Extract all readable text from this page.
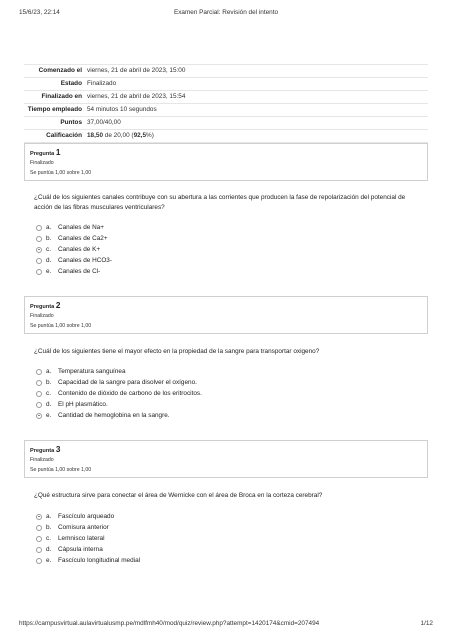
15/6/23, 22:14	Examen Parcial: Revisión del intento
Comenzado el viernes, 21 de abril de 2023, 15:00
Estado Finalizado
Finalizado en viernes, 21 de abril de 2023, 15:54
Tiempo empleado 54 minutos 10 segundos
Puntos 37,00/40,00
Calificación 18,50 de 20,00 (92,5%)
Pregunta 1
Finalizado
Se puntúa 1,00 sobre 1,00
¿Cuál de los siguientes canales contribuye con su abertura a las corrientes que producen la fase de repolarización del potencial de acción de las fibras musculares ventriculares?
a.	Canales de Na+
b.	Canales de Ca2+
c.	Canales de K+
d.	Canales de HCO3-
e.	Canales de Cl-
Pregunta 2
Finalizado
Se puntúa 1,00 sobre 1,00
¿Cuál de los siguientes tiene el mayor efecto en la propiedad de la sangre para transportar oxigeno?
a.	Temperatura sanguínea
b.	Capacidad de la sangre para disolver el oxígeno.
c.	Contenido de dióxido de carbono de los eritrocitos.
d.	El pH plasmático.
e.	Cantidad de hemoglobina en la sangre.
Pregunta 3
Finalizado
Se puntúa 1,00 sobre 1,00
¿Qué estructura sirve para conectar el área de Wernicke con el área de Broca en la corteza cerebral?
a.	Fascículo arqueado
b.	Comisura anterior
c.	Lemnisco lateral
d.	Cápsula interna
e.	Fascículo longitudinal medial
https://campusvirtual.aulavirtualusmp.pe/mdlfmh40/mod/quiz/review.php?attempt=1420174&cmid=207494	1/12
